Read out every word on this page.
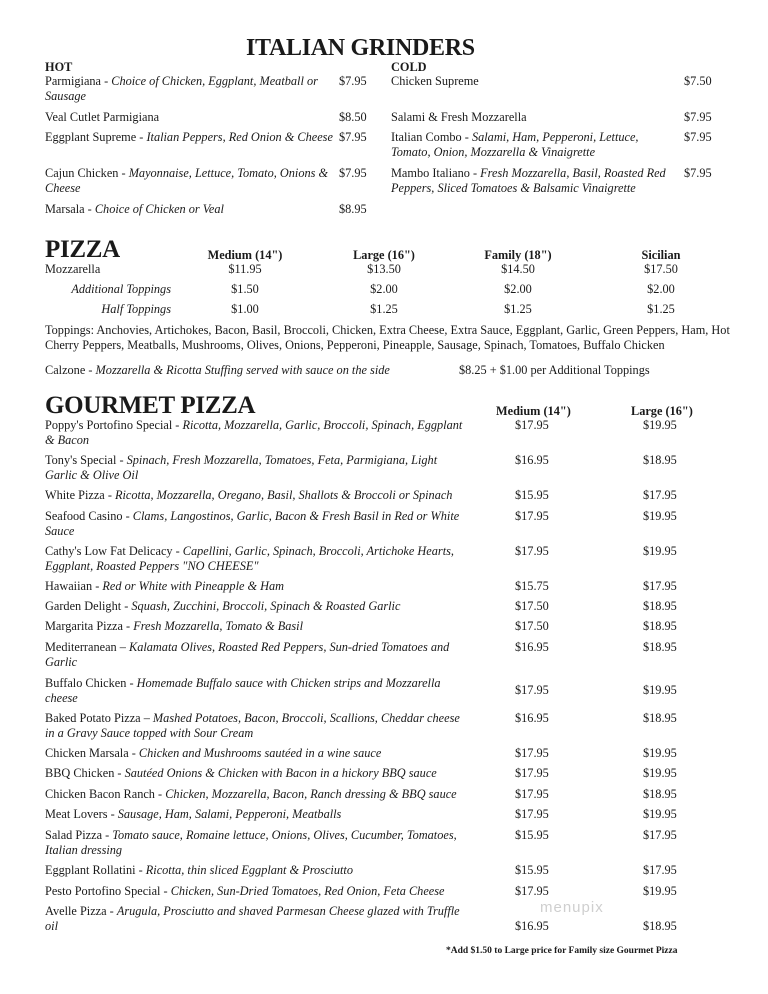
ITALIAN GRINDERS
HOT	COLD
Parmigiana - Choice of Chicken, Eggplant, Meatball or Sausage
$7.95
Veal Cutlet Parmigiana	$8.50
Eggplant Supreme - Italian Peppers, Red Onion & Cheese $7.95
Cajun Chicken - Mayonnaise, Lettuce, Tomato, Onions & Cheese
$7.95
Marsala - Choice of Chicken or Veal	$8.95
Chicken Supreme	$7.50
Salami & Fresh Mozzarella	$7.95
Italian Combo - Salami, Ham, Pepperoni, Lettuce, Tomato, Onion, Mozzarella & Vinaigrette
$7.95
Mambo Italiano - Fresh Mozzarella, Basil, Roasted Red Peppers, Sliced Tomatoes & Balsamic Vinaigrette
$7.95
PIZZA	Medium (14")	Large (16")	Family (18")	Sicilian
Mozzarella	$11.95	$13.50	$14.50	$17.50
Additional Toppings	$1.50	$2.00	$2.00	$2.00
Half Toppings	$1.00	$1.25	$1.25	$1.25
Toppings: Anchovies, Artichokes, Bacon, Basil, Broccoli, Chicken, Extra Cheese, Extra Sauce, Eggplant, Garlic, Green Peppers, Ham, Hot Cherry Peppers, Meatballs, Mushrooms, Olives, Onions, Pepperoni, Pineapple, Sausage, Spinach, Tomatoes, Buffalo Chicken
Calzone - Mozzarella & Ricotta Stuffing served with sauce on the side	$8.25 + $1.00 per Additional Toppings
GOURMET PIZZA	Medium (14")	Large (16")
Poppy's Portofino Special - Ricotta, Mozzarella, Garlic, Broccoli, Spinach, Eggplant & Bacon
$17.95	$19.95
Tony's Special - Spinach, Fresh Mozzarella, Tomatoes, Feta, Parmigiana, Light Garlic & Olive Oil
$16.95	$18.95
White Pizza - Ricotta, Mozzarella, Oregano, Basil, Shallots & Broccoli or Spinach	$15.95	$17.95
Seafood Casino - Clams, Langostinos, Garlic, Bacon & Fresh Basil in Red or White Sauce
$17.95	$19.95
Cathy's Low Fat Delicacy - Capellini, Garlic, Spinach, Broccoli, Artichoke Hearts, Eggplant, Roasted Peppers "NO CHEESE"
$17.95	$19.95
Hawaiian - Red or White with Pineapple & Ham	$15.75	$17.95
Garden Delight - Squash, Zucchini, Broccoli, Spinach & Roasted Garlic	$17.50	$18.95
Margarita Pizza - Fresh Mozzarella, Tomato & Basil	$17.50	$18.95
Mediterranean – Kalamata Olives, Roasted Red Peppers, Sun-dried Tomatoes and Garlic
$16.95	$18.95
Buffalo Chicken - Homemade Buffalo sauce with Chicken strips and Mozzarella cheese
$17.95	$19.95
Baked Potato Pizza – Mashed Potatoes, Bacon, Broccoli, Scallions, Cheddar cheese in a Gravy Sauce topped with Sour Cream
$16.95	$18.95
Chicken Marsala - Chicken and Mushrooms sautéed in a wine sauce	$17.95	$19.95
BBQ Chicken - Sautéed Onions & Chicken with Bacon in a hickory BBQ sauce	$17.95	$19.95
Chicken Bacon Ranch - Chicken, Mozzarella, Bacon, Ranch dressing & BBQ sauce	$17.95	$18.95
Meat Lovers - Sausage, Ham, Salami, Pepperoni, Meatballs	$17.95	$19.95
Salad Pizza - Tomato sauce, Romaine lettuce, Onions, Olives, Cucumber, Tomatoes, Italian dressing
$15.95	$17.95
Eggplant Rollatini - Ricotta, thin sliced Eggplant & Prosciutto	$15.95	$17.95
Pesto Portofino Special - Chicken, Sun-Dried Tomatoes, Red Onion, Feta Cheese	$17.95	$19.95
Avelle Pizza - Arugula, Prosciutto and shaved Parmesan Cheese glazed with Truffle oil	$16.95	$18.95
*Add $1.50 to Large price for Family size Gourmet Pizza
menupix
